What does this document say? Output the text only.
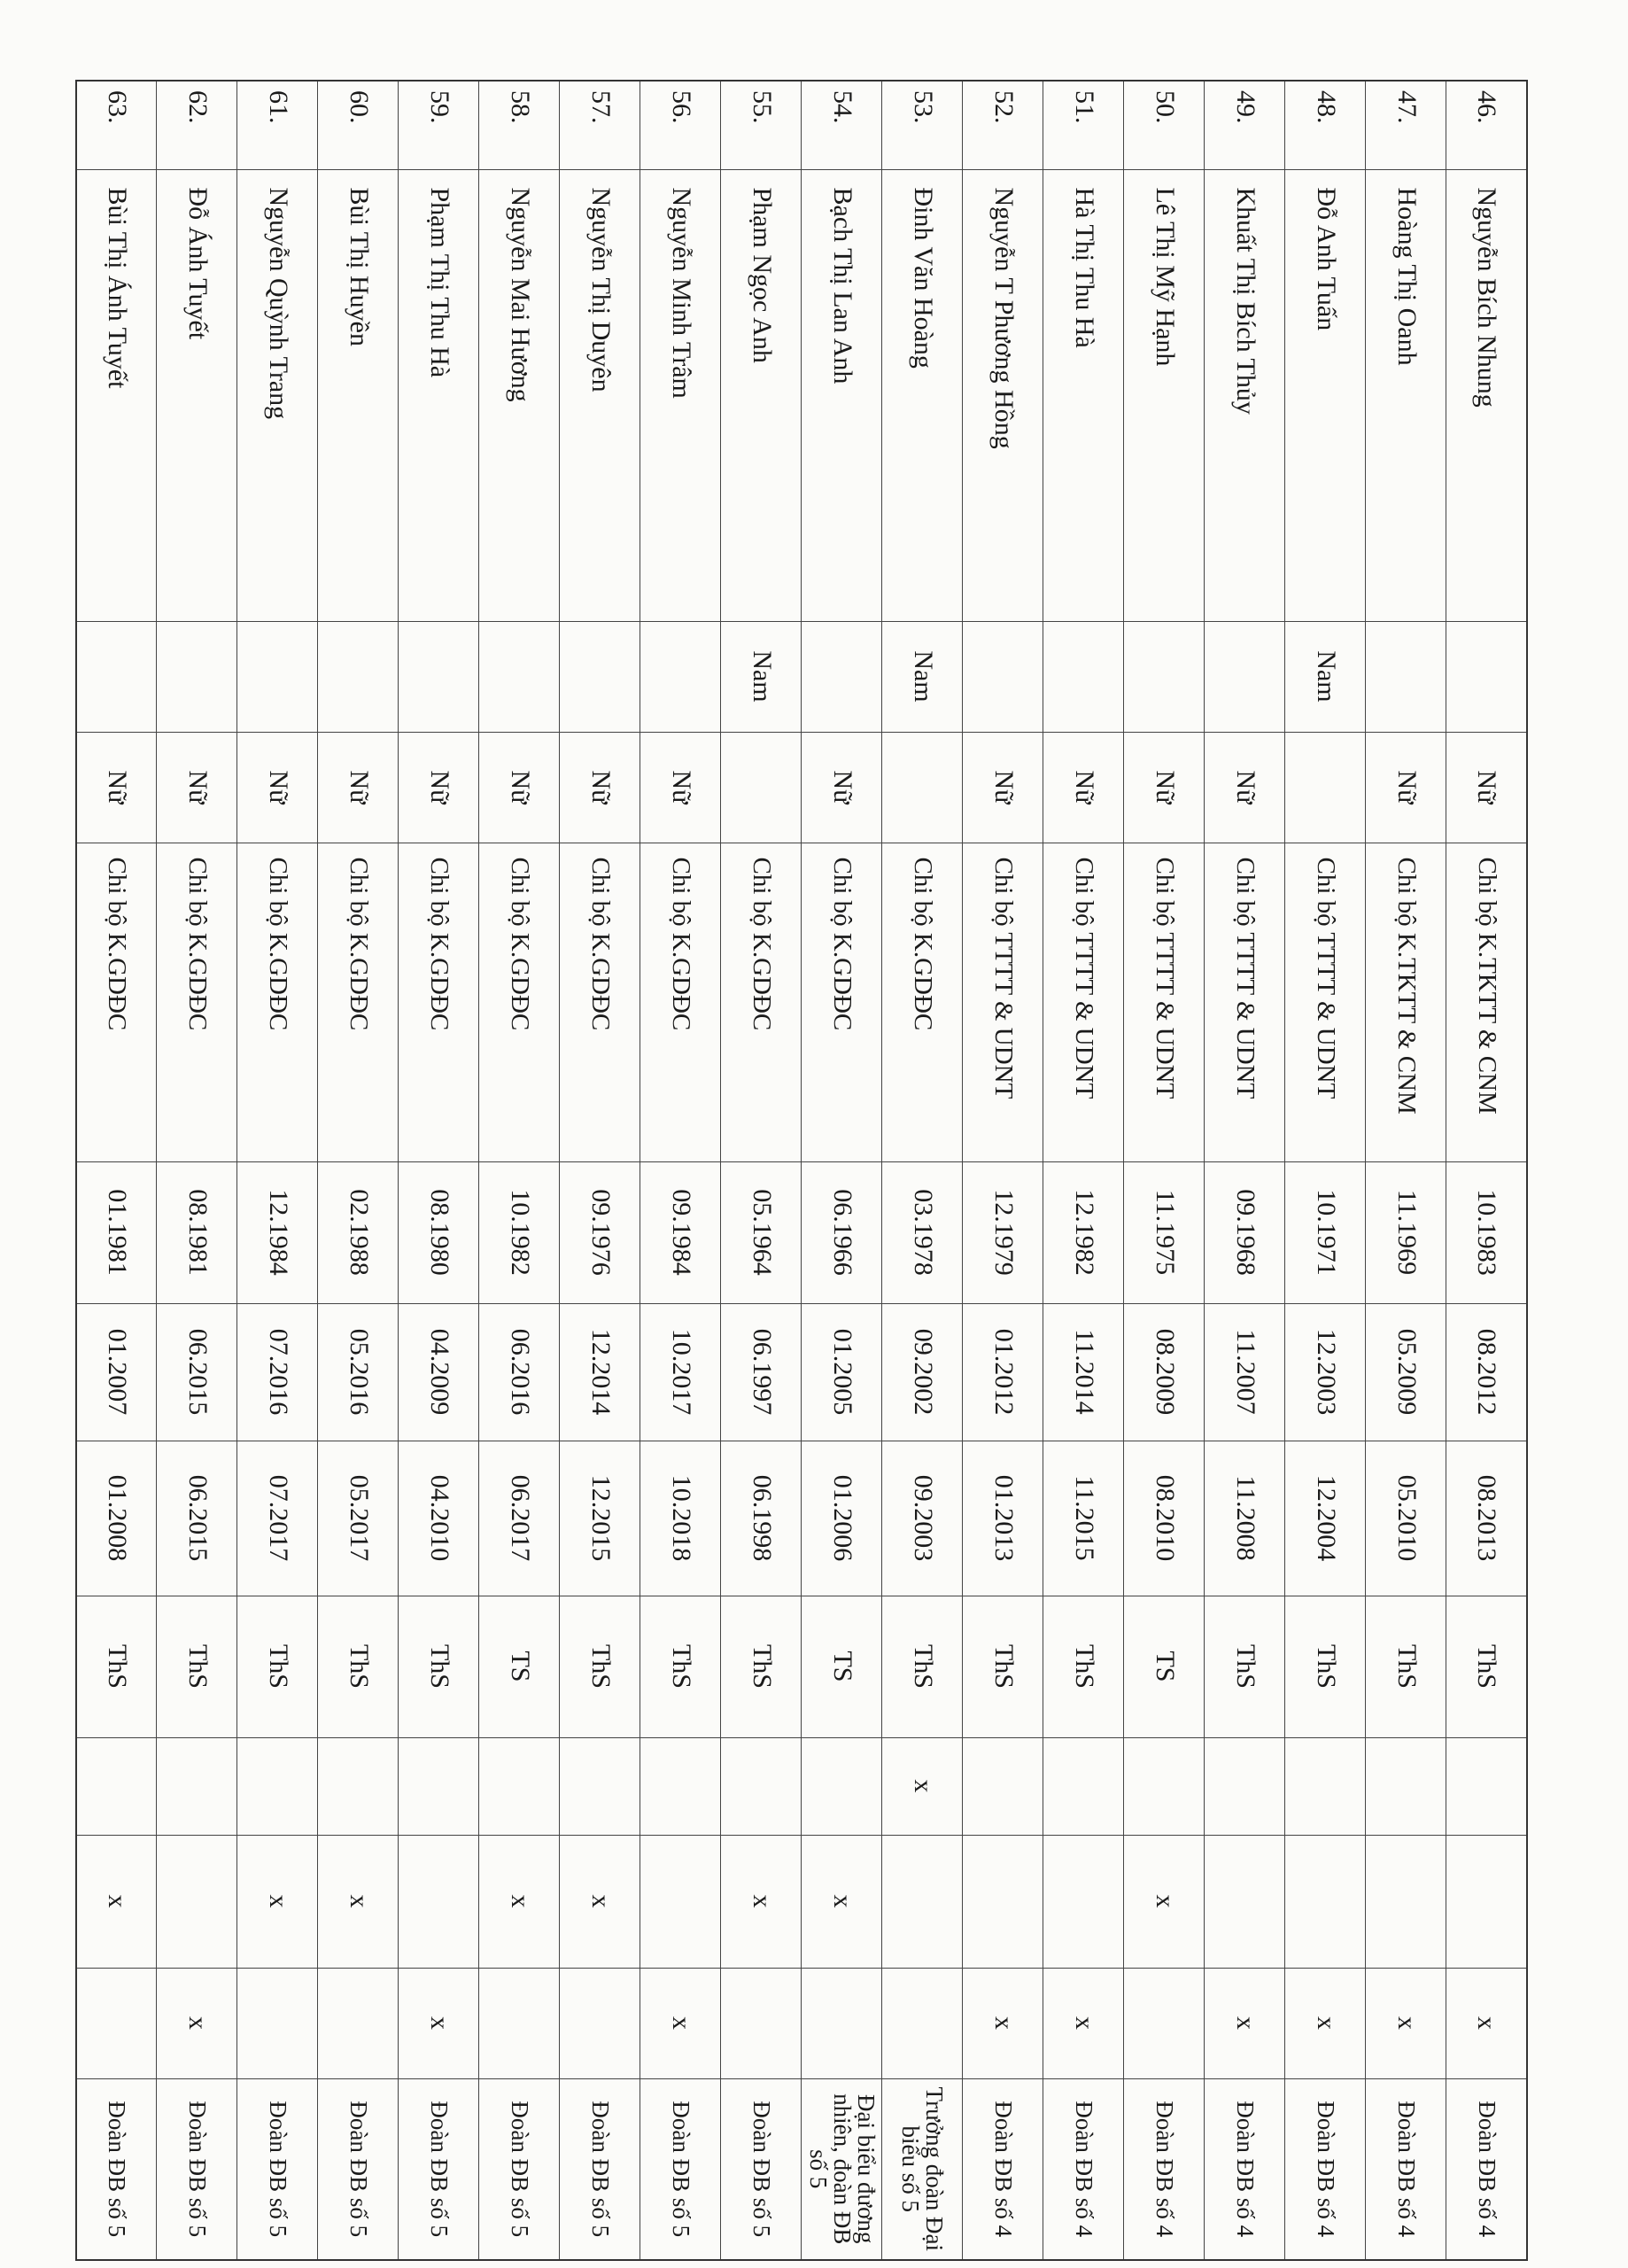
46.	Nguyễn Bích Nhung		Nữ	Chi bộ K.TKTT & CNM	10.1983	08.2012	08.2013	ThS			x	Đoàn ĐB số 4
47.	Hoàng Thị Oanh		Nữ	Chi bộ K.TKTT & CNM	11.1969	05.2009	05.2010	ThS			x	Đoàn ĐB số 4
48.	Đỗ Anh Tuấn	Nam		Chi bộ TTTT & UDNT	10.1971	12.2003	12.2004	ThS			x	Đoàn ĐB số 4
49.	Khuất Thị Bích Thủy		Nữ	Chi bộ TTTT & UDNT	09.1968	11.2007	11.2008	ThS			x	Đoàn ĐB số 4
50.	Lê Thị Mỹ Hạnh		Nữ	Chi bộ TTTT & UDNT	11.1975	08.2009	08.2010	TS		x		Đoàn ĐB số 4
51.	Hà Thị Thu Hà		Nữ	Chi bộ TTTT & UDNT	12.1982	11.2014	11.2015	ThS			x	Đoàn ĐB số 4
52.	Nguyễn T Phương Hồng		Nữ	Chi bộ TTTT & UDNT	12.1979	01.2012	01.2013	ThS			x	Đoàn ĐB số 4
53.	Đinh Văn Hoàng	Nam		Chi bộ K.GDĐC	03.1978	09.2002	09.2003	ThS	x			Trưởng đoàn Đại biểu số 5
54.	Bạch Thị Lan Anh		Nữ	Chi bộ K.GDĐC	06.1966	01.2005	01.2006	TS		x		Đại biểu đương nhiên, đoàn ĐB số 5
55.	Phạm Ngọc Anh	Nam		Chi bộ K.GDĐC	05.1964	06.1997	06.1998	ThS		x		Đoàn ĐB số 5
56.	Nguyễn Minh Trâm		Nữ	Chi bộ K.GDĐC	09.1984	10.2017	10.2018	ThS			x	Đoàn ĐB số 5
57.	Nguyễn Thị Duyên		Nữ	Chi bộ K.GDĐC	09.1976	12.2014	12.2015	ThS		x		Đoàn ĐB số 5
58.	Nguyễn Mai Hương		Nữ	Chi bộ K.GDĐC	10.1982	06.2016	06.2017	TS		x		Đoàn ĐB số 5
59.	Phạm Thị Thu Hà		Nữ	Chi bộ K.GDĐC	08.1980	04.2009	04.2010	ThS			x	Đoàn ĐB số 5
60.	Bùi Thị Huyền		Nữ	Chi bộ K.GDĐC	02.1988	05.2016	05.2017	ThS		x		Đoàn ĐB số 5
61.	Nguyễn Quỳnh Trang		Nữ	Chi bộ K.GDĐC	12.1984	07.2016	07.2017	ThS		x		Đoàn ĐB số 5
62.	Đỗ Ánh Tuyết		Nữ	Chi bộ K.GDĐC	08.1981	06.2015	06.2015	ThS			x	Đoàn ĐB số 5
63.	Bùi Thị Ánh Tuyết		Nữ	Chi bộ K.GDĐC	01.1981	01.2007	01.2008	ThS		x		Đoàn ĐB số 5
